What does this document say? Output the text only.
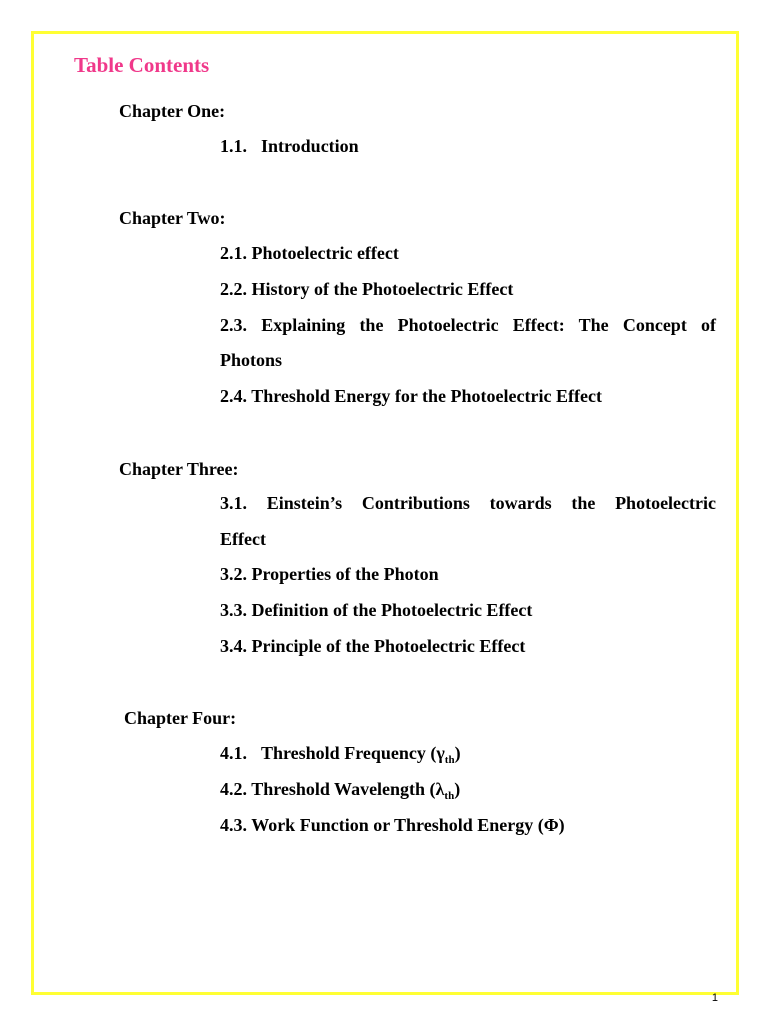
Table Contents
Chapter One:
1.1. Introduction
Chapter Two:
2.1. Photoelectric effect
2.2. History of the Photoelectric Effect
2.3. Explaining the Photoelectric Effect: The Concept of
Photons
2.4. Threshold Energy for the Photoelectric Effect
Chapter Three:
3.1. Einstein’s Contributions towards the Photoelectric
Effect
3.2. Properties of the Photon
3.3. Definition of the Photoelectric Effect
3.4. Principle of the Photoelectric Effect
Chapter Four:
4.1. Threshold Frequency $(\gamma_{th})$
4.2. Threshold Wavelength $(\lambda_{th})$
4.3. Work Function or Threshold Energy (Φ)
1
